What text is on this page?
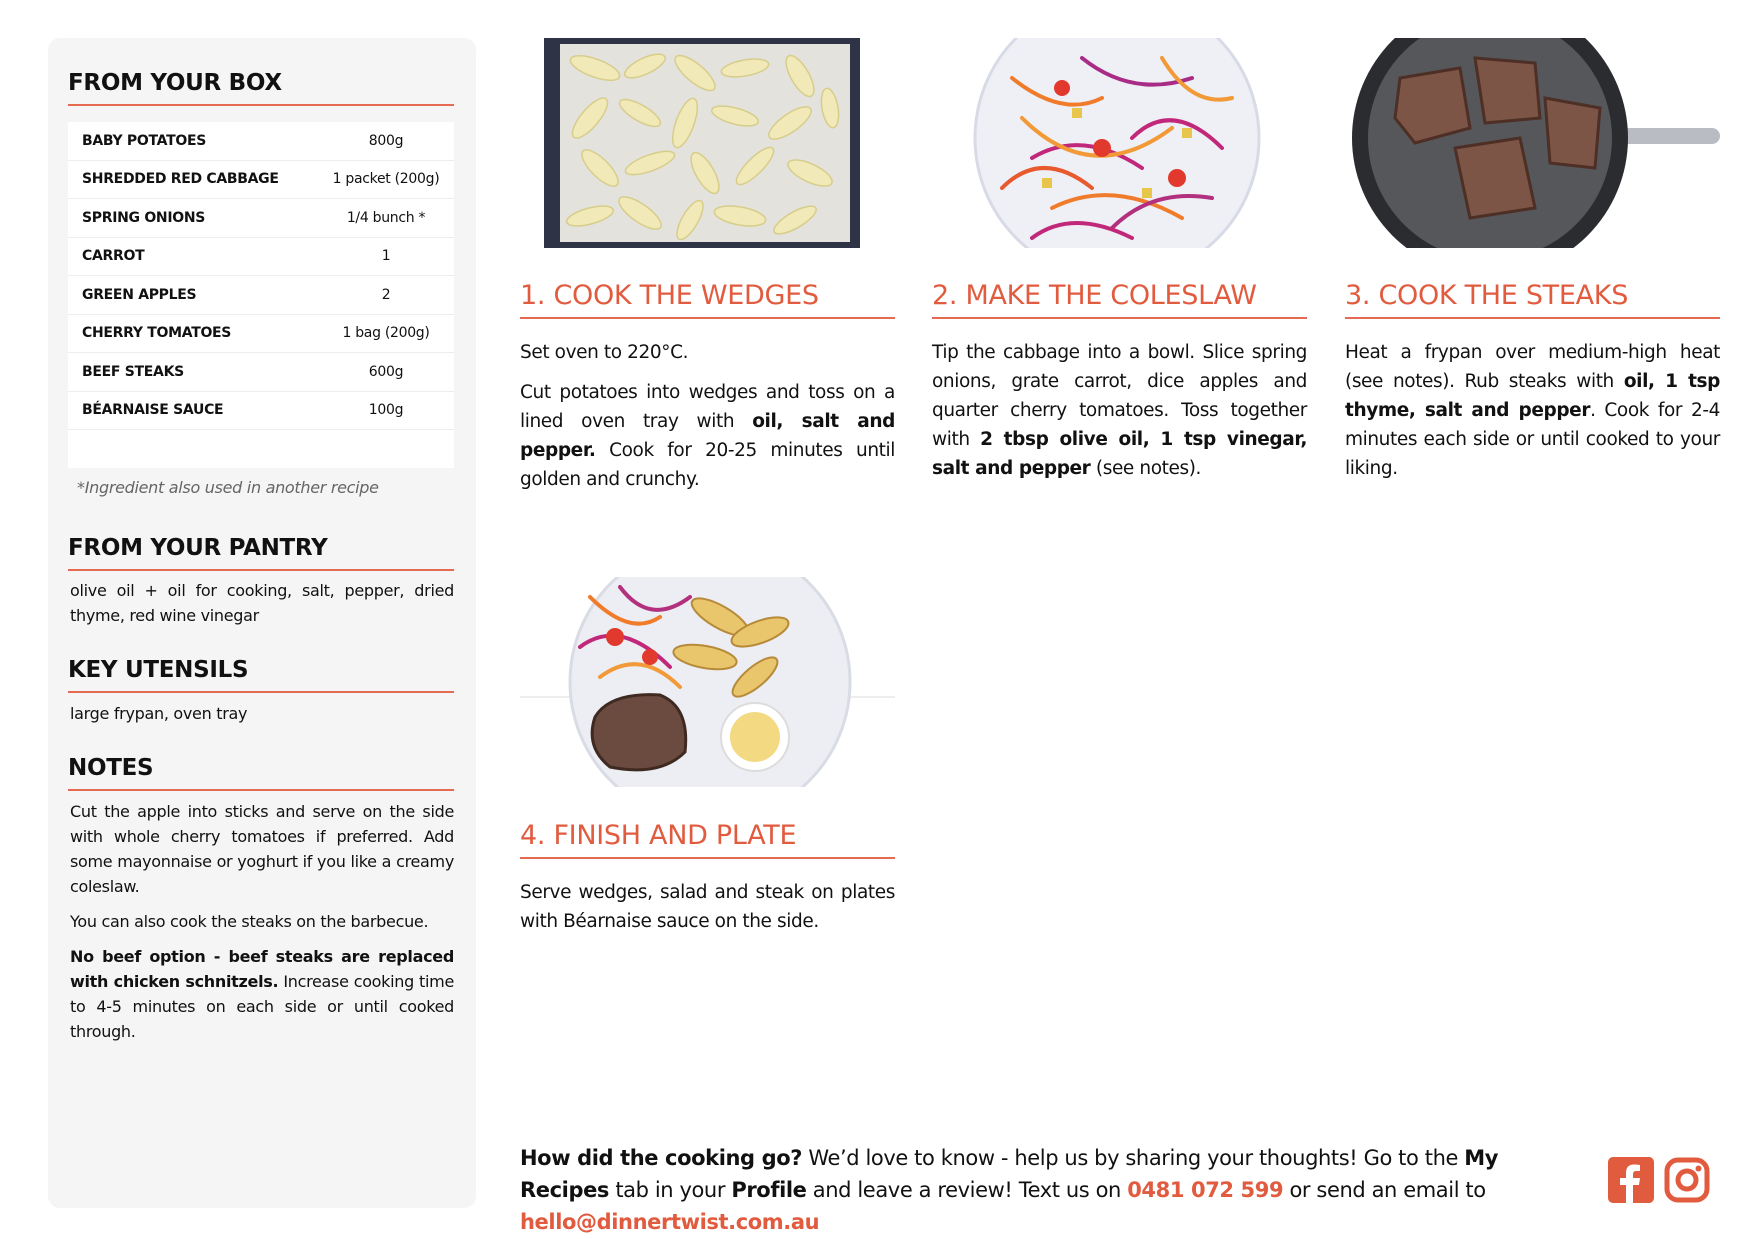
FROM YOUR BOX
BABY POTATOES	800g
SHREDDED RED CABBAGE	1 packet (200g)
SPRING ONIONS	1/4 bunch *
CARROT	1
GREEN APPLES	2
CHERRY TOMATOES	1 bag (200g)
BEEF STEAKS	600g
BÉARNAISE SAUCE	100g
*Ingredient also used in another recipe
FROM YOUR PANTRY
olive oil + oil for cooking, salt, pepper, dried thyme, red wine vinegar
KEY UTENSILS
large frypan, oven tray
NOTES

Cut the apple into sticks and serve on the side with whole cherry tomatoes if preferred. Add some mayonnaise or yoghurt if you like a creamy coleslaw.

You can also cook the steaks on the barbecue.

No beef option - beef steaks are replaced with chicken schnitzels. Increase cooking time to 4-5 minutes on each side or until cooked through.

1. COOK THE WEDGES

Set oven to 220°C.

Cut potatoes into wedges and toss on a lined oven tray with oil, salt and pepper. Cook for 20-25 minutes until golden and crunchy.

2. MAKE THE COLESLAW

Tip the cabbage into a bowl. Slice spring onions, grate carrot, dice apples and quarter cherry tomatoes. Toss together with 2 tbsp olive oil, 1 tsp vinegar, salt and pepper (see notes).

3. COOK THE STEAKS

Heat a frypan over medium-high heat (see notes). Rub steaks with oil, 1 tsp thyme, salt and pepper. Cook for 2-4 minutes each side or until cooked to your liking.

4. FINISH AND PLATE

Serve wedges, salad and steak on plates with Béarnaise sauce on the side.

How did the cooking go? We’d love to know - help us by sharing your thoughts! Go to the My Recipes tab in your Profile and leave a review! Text us on 0481 072 599 or send an email to hello@dinnertwist.com.au
